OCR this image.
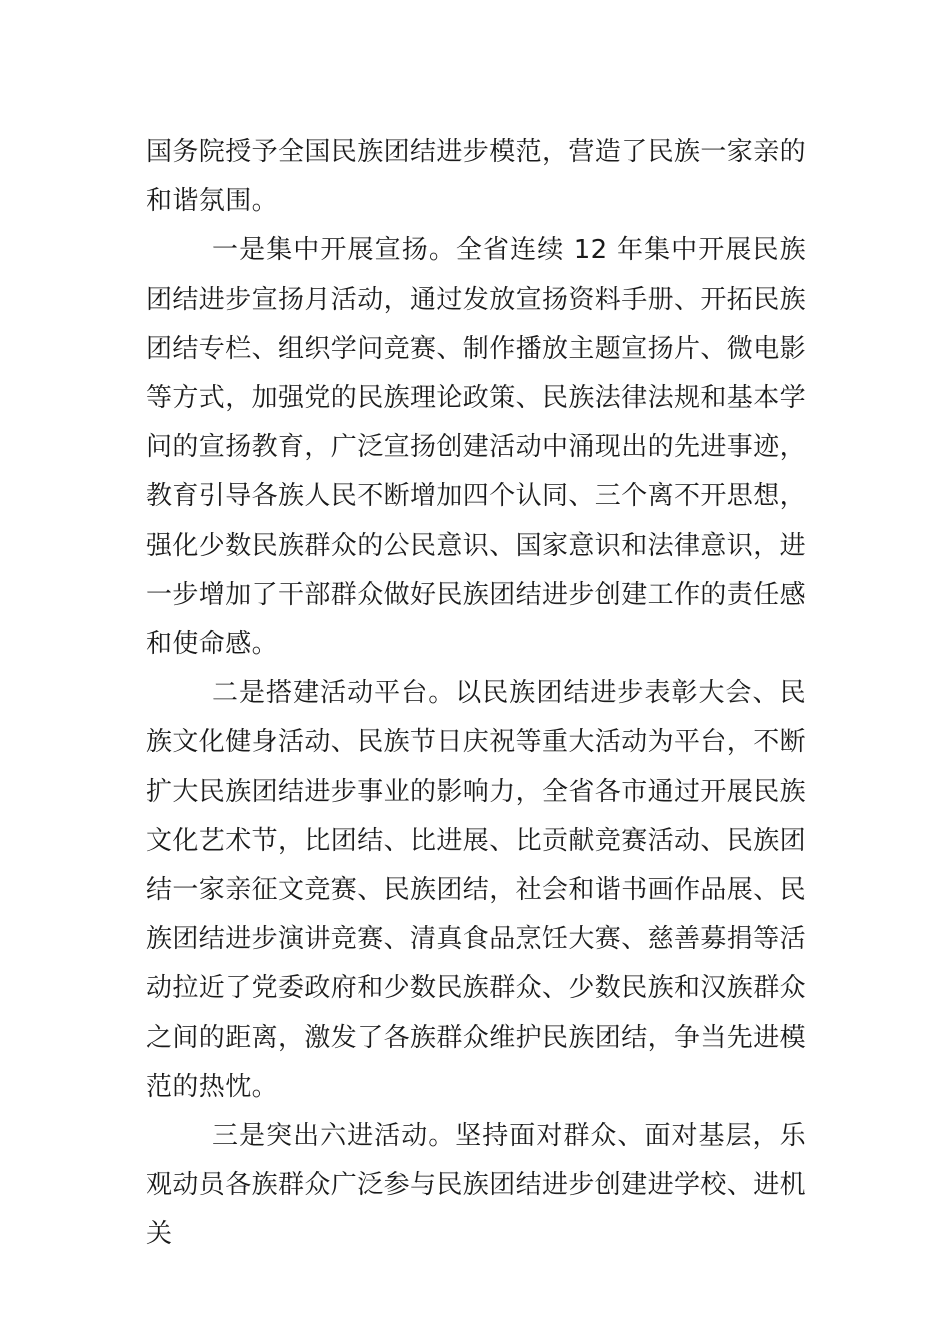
国务院授予全国民族团结进步模范，营造了民族一家亲的和谐氛围。

一是集中开展宣扬。全省连续 12 年集中开展民族团结进步宣扬月活动，通过发放宣扬资料手册、开拓民族团结专栏、组织学问竞赛、制作播放主题宣扬片、微电影等方式，加强党的民族理论政策、民族法律法规和基本学问的宣扬教育，广泛宣扬创建活动中涌现出的先进事迹，教育引导各族人民不断增加四个认同、三个离不开思想，强化少数民族群众的公民意识、国家意识和法律意识，进一步增加了干部群众做好民族团结进步创建工作的责任感和使命感。

二是搭建活动平台。以民族团结进步表彰大会、民族文化健身活动、民族节日庆祝等重大活动为平台，不断扩大民族团结进步事业的影响力，全省各市通过开展民族文化艺术节，比团结、比进展、比贡献竞赛活动、民族团结一家亲征文竞赛、民族团结，社会和谐书画作品展、民族团结进步演讲竞赛、清真食品烹饪大赛、慈善募捐等活动拉近了党委政府和少数民族群众、少数民族和汉族群众之间的距离，激发了各族群众维护民族团结，争当先进模范的热忱。

三是突出六进活动。坚持面对群众、面对基层，乐观动员各族群众广泛参与民族团结进步创建进学校、进机关
